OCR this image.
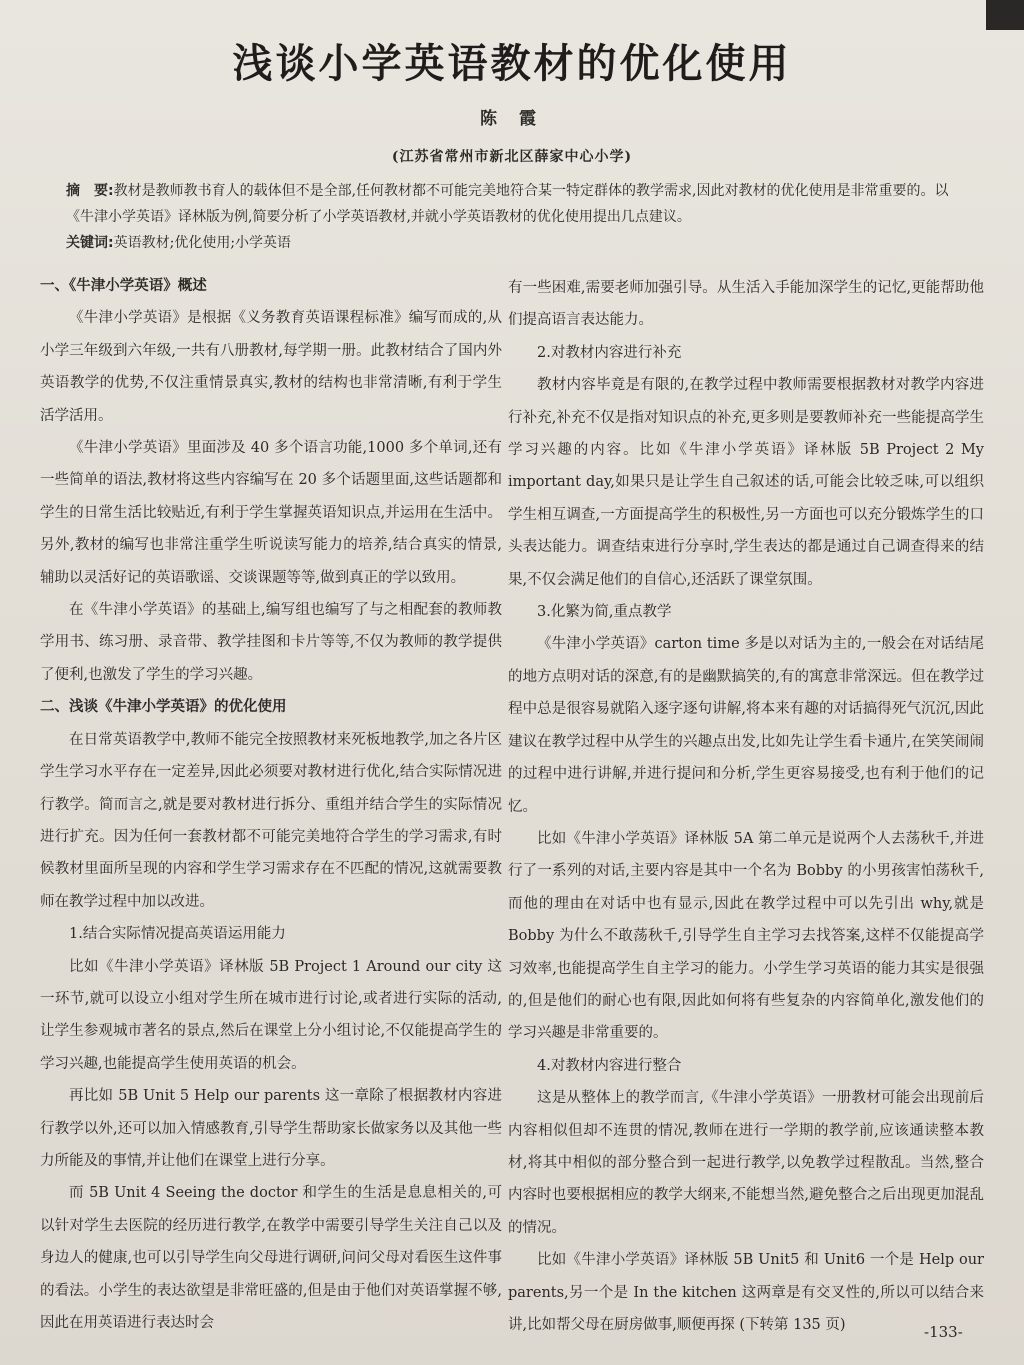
浅谈小学英语教材的优化使用
陈 霞
(江苏省常州市新北区薛家中心小学)
摘　要:教材是教师教书育人的载体但不是全部,任何教材都不可能完美地符合某一特定群体的教学需求,因此对教材的优化使用是非常重要的。以《牛津小学英语》译林版为例,简要分析了小学英语教材,并就小学英语教材的优化使用提出几点建议。
关键词:英语教材;优化使用;小学英语
一、《牛津小学英语》概述

《牛津小学英语》是根据《义务教育英语课程标准》编写而成的,从小学三年级到六年级,一共有八册教材,每学期一册。此教材结合了国内外英语教学的优势,不仅注重情景真实,教材的结构也非常清晰,有利于学生活学活用。

《牛津小学英语》里面涉及 40 多个语言功能,1000 多个单词,还有一些简单的语法,教材将这些内容编写在 20 多个话题里面,这些话题都和学生的日常生活比较贴近,有利于学生掌握英语知识点,并运用在生活中。另外,教材的编写也非常注重学生听说读写能力的培养,结合真实的情景,辅助以灵活好记的英语歌谣、交谈课题等等,做到真正的学以致用。

在《牛津小学英语》的基础上,编写组也编写了与之相配套的教师教学用书、练习册、录音带、教学挂图和卡片等等,不仅为教师的教学提供了便利,也激发了学生的学习兴趣。

二、浅谈《牛津小学英语》的优化使用

在日常英语教学中,教师不能完全按照教材来死板地教学,加之各片区学生学习水平存在一定差异,因此必须要对教材进行优化,结合实际情况进行教学。简而言之,就是要对教材进行拆分、重组并结合学生的实际情况进行扩充。因为任何一套教材都不可能完美地符合学生的学习需求,有时候教材里面所呈现的内容和学生学习需求存在不匹配的情况,这就需要教师在教学过程中加以改进。

1.结合实际情况提高英语运用能力

比如《牛津小学英语》译林版 5B Project 1 Around our city 这一环节,就可以设立小组对学生所在城市进行讨论,或者进行实际的活动,让学生参观城市著名的景点,然后在课堂上分小组讨论,不仅能提高学生的学习兴趣,也能提高学生使用英语的机会。

再比如 5B Unit 5 Help our parents 这一章除了根据教材内容进行教学以外,还可以加入情感教育,引导学生帮助家长做家务以及其他一些力所能及的事情,并让他们在课堂上进行分享。

而 5B Unit 4 Seeing the doctor 和学生的生活是息息相关的,可以针对学生去医院的经历进行教学,在教学中需要引导学生关注自己以及身边人的健康,也可以引导学生向父母进行调研,问问父母对看医生这件事的看法。小学生的表达欲望是非常旺盛的,但是由于他们对英语掌握不够,因此在用英语进行表达时会

有一些困难,需要老师加强引导。从生活入手能加深学生的记忆,更能帮助他们提高语言表达能力。

2.对教材内容进行补充

教材内容毕竟是有限的,在教学过程中教师需要根据教材对教学内容进行补充,补充不仅是指对知识点的补充,更多则是要教师补充一些能提高学生学习兴趣的内容。比如《牛津小学英语》译林版 5B Project 2 My important day,如果只是让学生自己叙述的话,可能会比较乏味,可以组织学生相互调查,一方面提高学生的积极性,另一方面也可以充分锻炼学生的口头表达能力。调查结束进行分享时,学生表达的都是通过自己调查得来的结果,不仅会满足他们的自信心,还活跃了课堂氛围。

3.化繁为简,重点教学

《牛津小学英语》carton time 多是以对话为主的,一般会在对话结尾的地方点明对话的深意,有的是幽默搞笑的,有的寓意非常深远。但在教学过程中总是很容易就陷入逐字逐句讲解,将本来有趣的对话搞得死气沉沉,因此建议在教学过程中从学生的兴趣点出发,比如先让学生看卡通片,在笑笑闹闹的过程中进行讲解,并进行提问和分析,学生更容易接受,也有利于他们的记忆。

比如《牛津小学英语》译林版 5A 第二单元是说两个人去荡秋千,并进行了一系列的对话,主要内容是其中一个名为 Bobby 的小男孩害怕荡秋千,而他的理由在对话中也有显示,因此在教学过程中可以先引出 why,就是 Bobby 为什么不敢荡秋千,引导学生自主学习去找答案,这样不仅能提高学习效率,也能提高学生自主学习的能力。小学生学习英语的能力其实是很强的,但是他们的耐心也有限,因此如何将有些复杂的内容简单化,激发他们的学习兴趣是非常重要的。

4.对教材内容进行整合

这是从整体上的教学而言,《牛津小学英语》一册教材可能会出现前后内容相似但却不连贯的情况,教师在进行一学期的教学前,应该通读整本教材,将其中相似的部分整合到一起进行教学,以免教学过程散乱。当然,整合内容时也要根据相应的教学大纲来,不能想当然,避免整合之后出现更加混乱的情况。

比如《牛津小学英语》译林版 5B Unit5 和 Unit6 一个是 Help our parents,另一个是 In the kitchen 这两章是有交叉性的,所以可以结合来讲,比如帮父母在厨房做事,顺便再探 (下转第 135 页)	-133-
